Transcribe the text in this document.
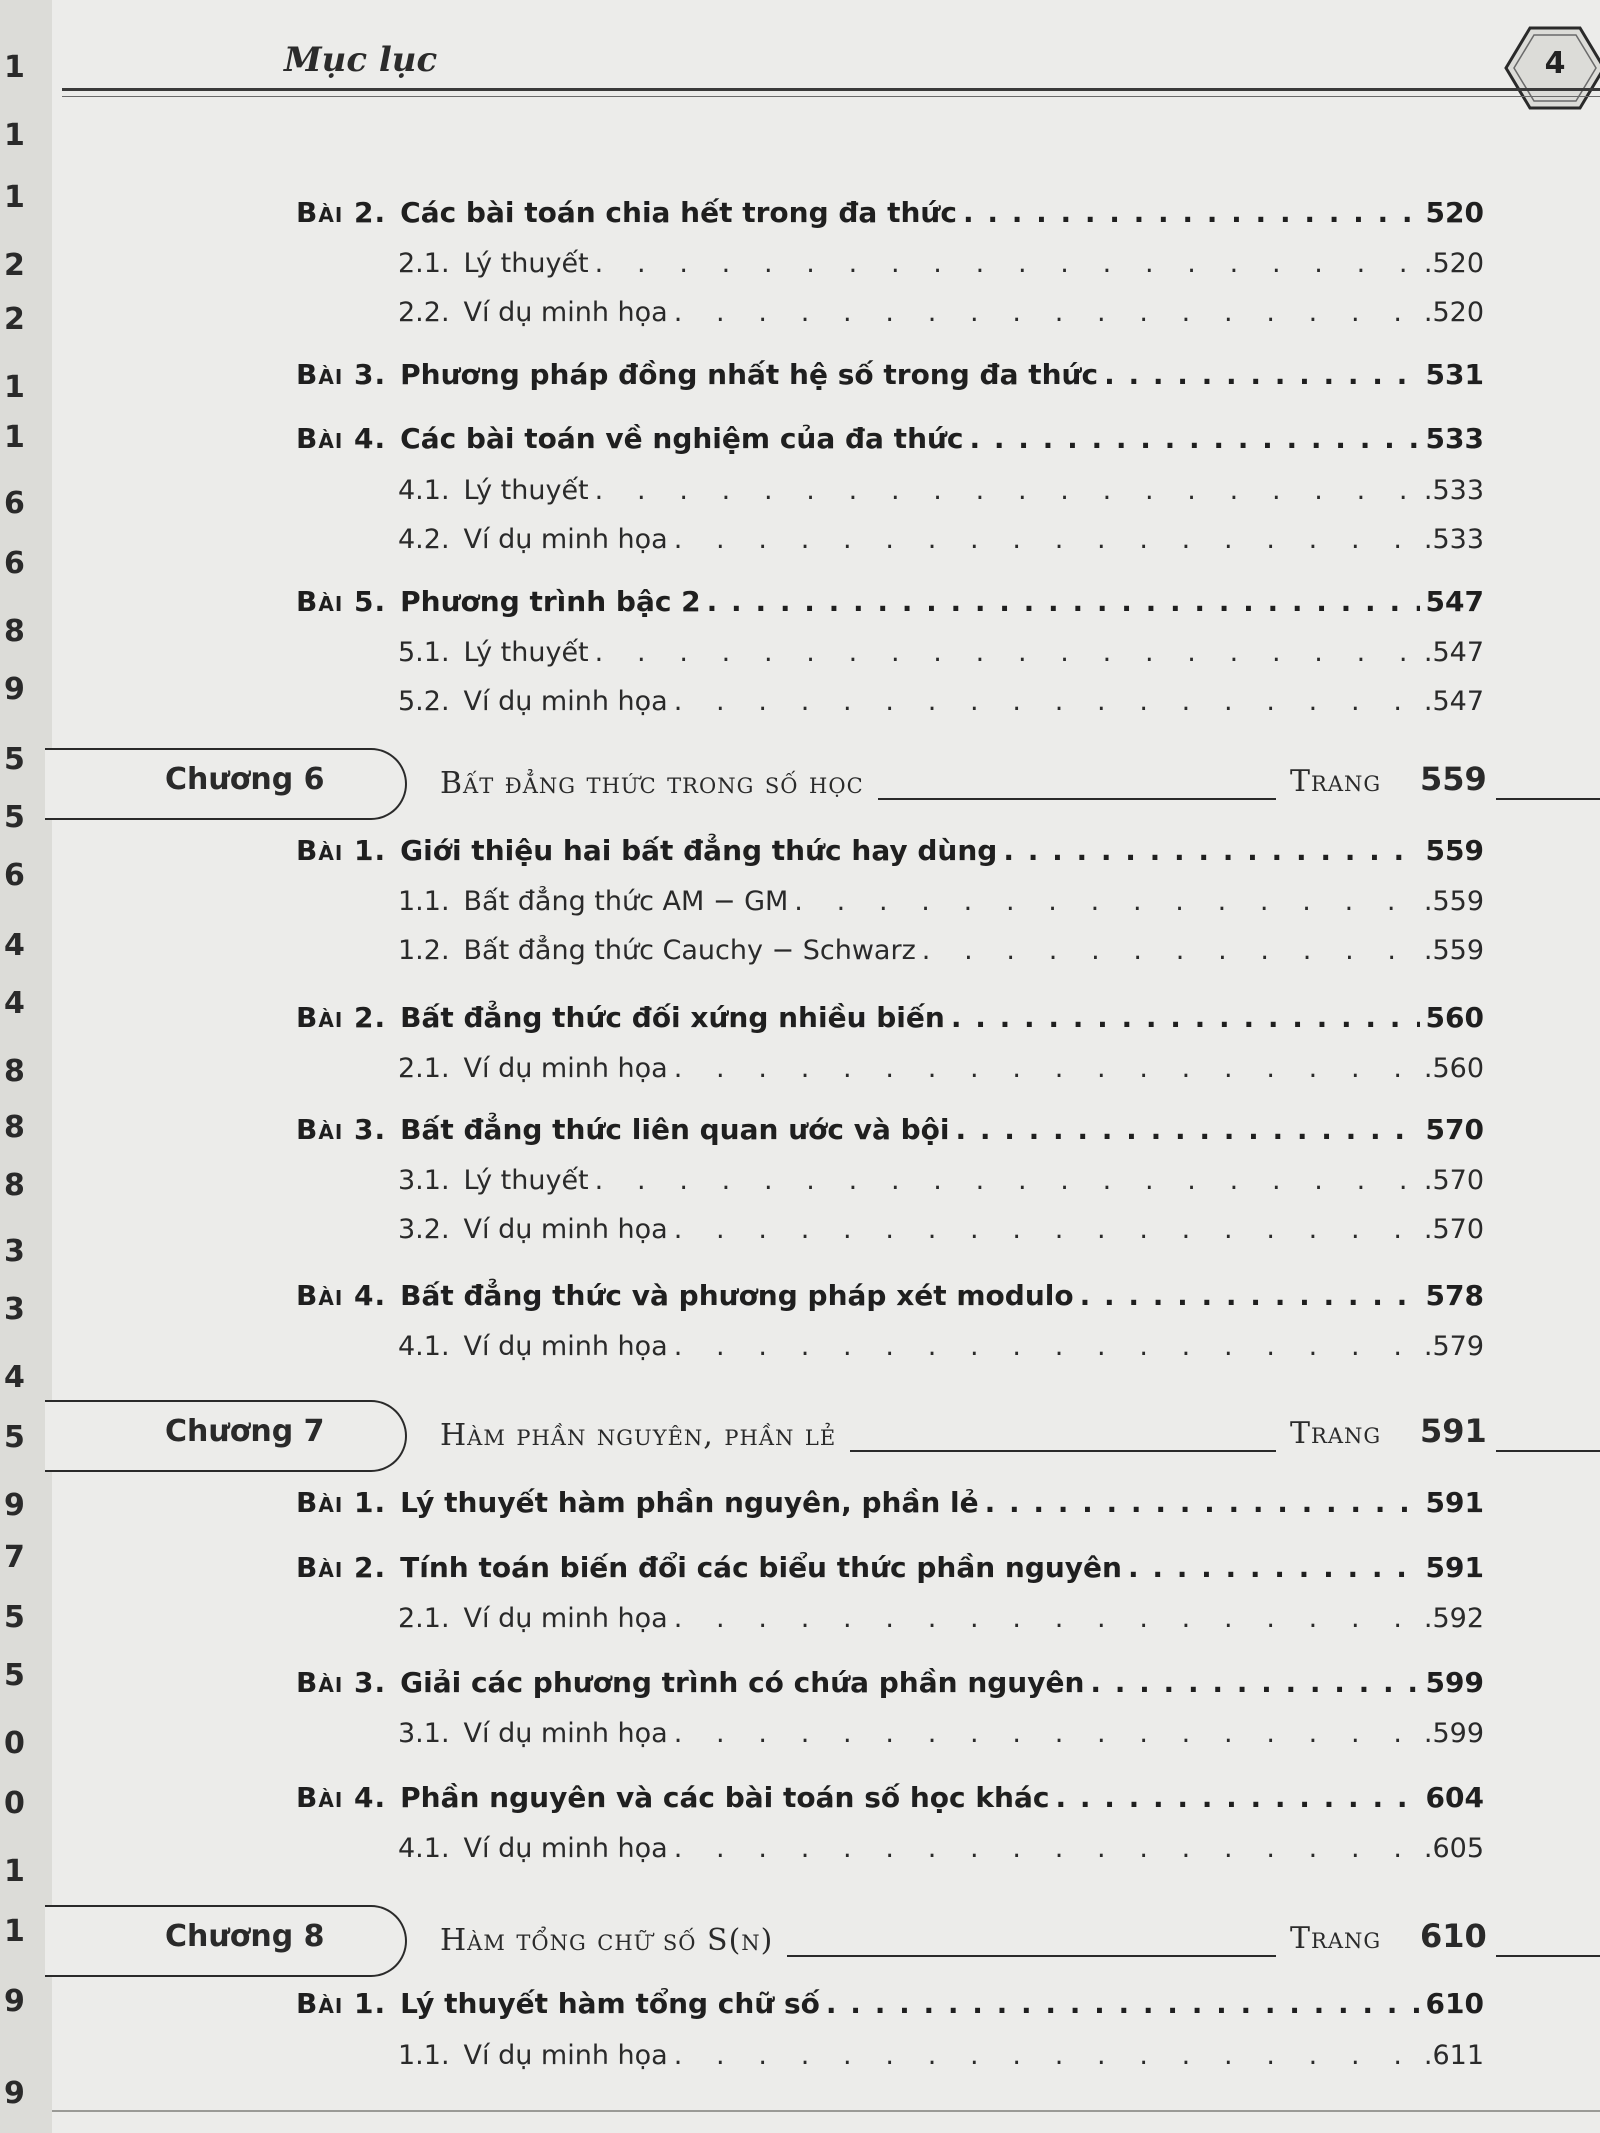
1
1
1
2
2
1
1
6
6
8
9
5
5
6
4
4
8
8
8
3
3
4
5
9
7
5
5
0
0
1
1
9
9
Mục lục	4
Bài 2. Các bài toán chia hết trong đa thức . . .	520
2.1. Lý thuyết . .	.520
2.2. Ví dụ minh họa . .	.520
Bài 3. Phương pháp đồng nhất hệ số trong đa thức . . .	531
Bài 4. Các bài toán về nghiệm của đa thức . . .	533
4.1. Lý thuyết . .	.533
4.2. Ví dụ minh họa . .	.533
Bài 5. Phương trình bậc 2 . . .	547
5.1. Lý thuyết . .	.547
5.2. Ví dụ minh họa . .	.547
Chương 6	Bất đẳng thức trong số học	Trang 559
Bài 1. Giới thiệu hai bất đẳng thức hay dùng . . .	559
1.1. Bất đẳng thức AM − GM . .	.559
1.2. Bất đẳng thức Cauchy − Schwarz . .	.559
Bài 2. Bất đẳng thức đối xứng nhiều biến . . .	560
2.1. Ví dụ minh họa . .	.560
Bài 3. Bất đẳng thức liên quan ước và bội . . .	570
3.1. Lý thuyết . .	.570
3.2. Ví dụ minh họa . .	.570
Bài 4. Bất đẳng thức và phương pháp xét modulo . . .	578
4.1. Ví dụ minh họa . .	.579
Chương 7	Hàm phần nguyên, phần lẻ	Trang 591
Bài 1. Lý thuyết hàm phần nguyên, phần lẻ . . .	591
Bài 2. Tính toán biến đổi các biểu thức phần nguyên . . .	591
2.1. Ví dụ minh họa . .	.592
Bài 3. Giải các phương trình có chứa phần nguyên . . .	599
3.1. Ví dụ minh họa . .	.599
Bài 4. Phần nguyên và các bài toán số học khác . . .	604
4.1. Ví dụ minh họa . .	.605
Chương 8	Hàm tổng chữ số S(n)	Trang 610
Bài 1. Lý thuyết hàm tổng chữ số . . .	610
1.1. Ví dụ minh họa . .	.611
